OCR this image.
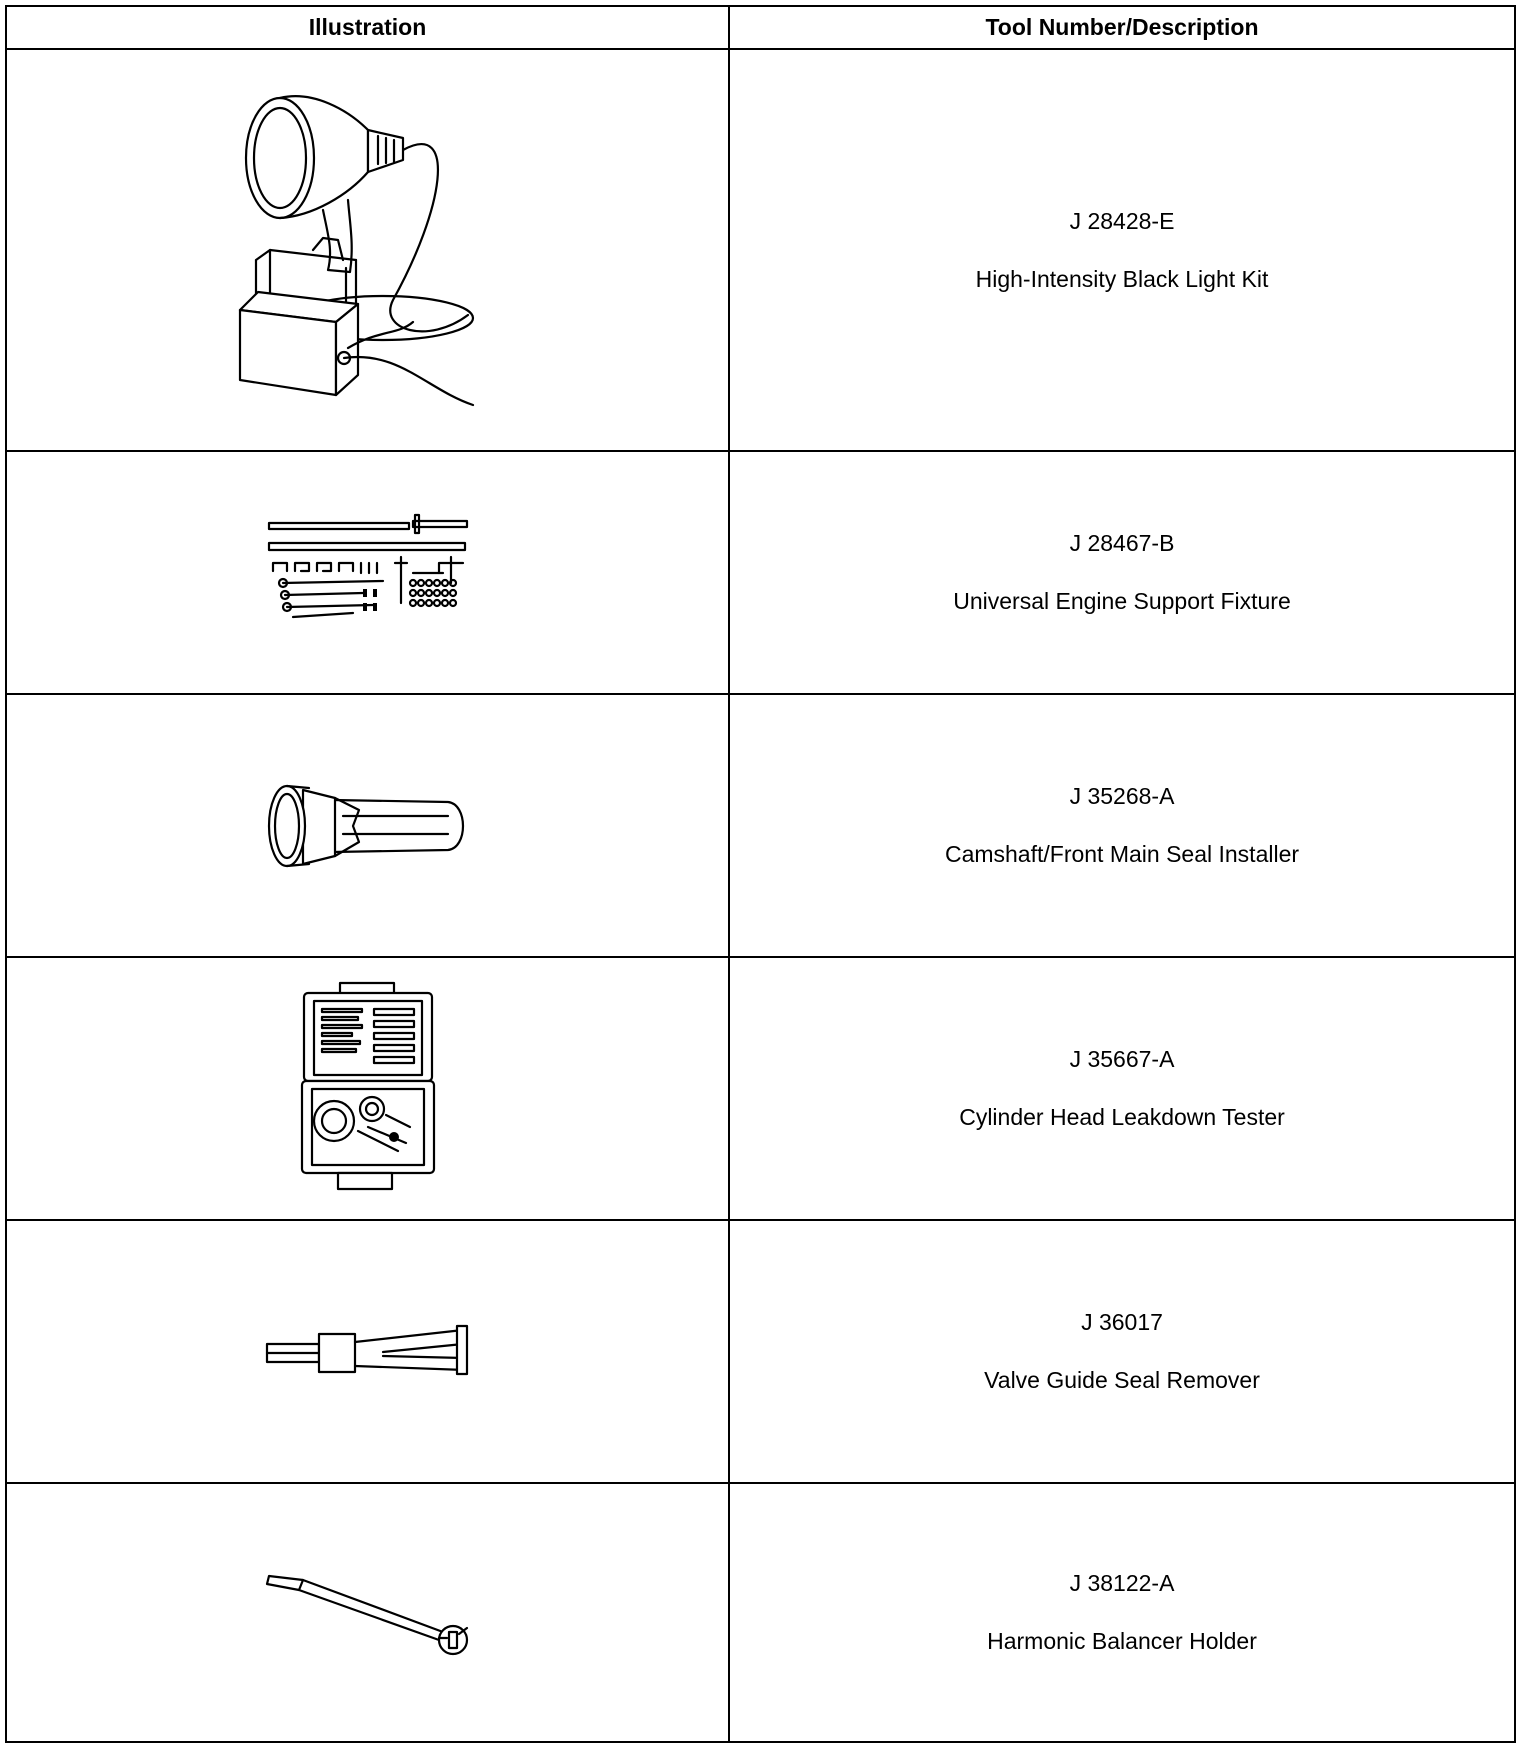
Illustration	Tool Number/Description

J 28428-E
High-Intensity Black Light Kit

J 28467-B
Universal Engine Support Fixture

J 35268-A
Camshaft/Front Main Seal Installer

J 35667-A
Cylinder Head Leakdown Tester

J 36017
Valve Guide Seal Remover

J 38122-A
Harmonic Balancer Holder
